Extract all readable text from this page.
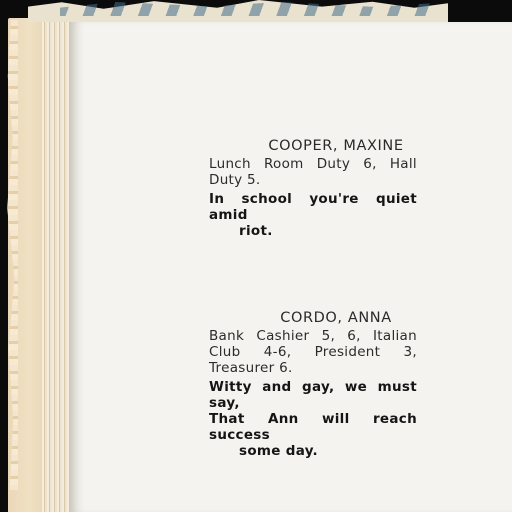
COOPER, MAXINE
Lunch Room Duty 6, Hall Duty 5.
In school you're quiet amid
riot.
CORDO, ANNA
Bank Cashier 5, 6, Italian Club 4-6, President 3, Treasurer 6.
Witty and gay, we must say,
That Ann will reach success
some day.
